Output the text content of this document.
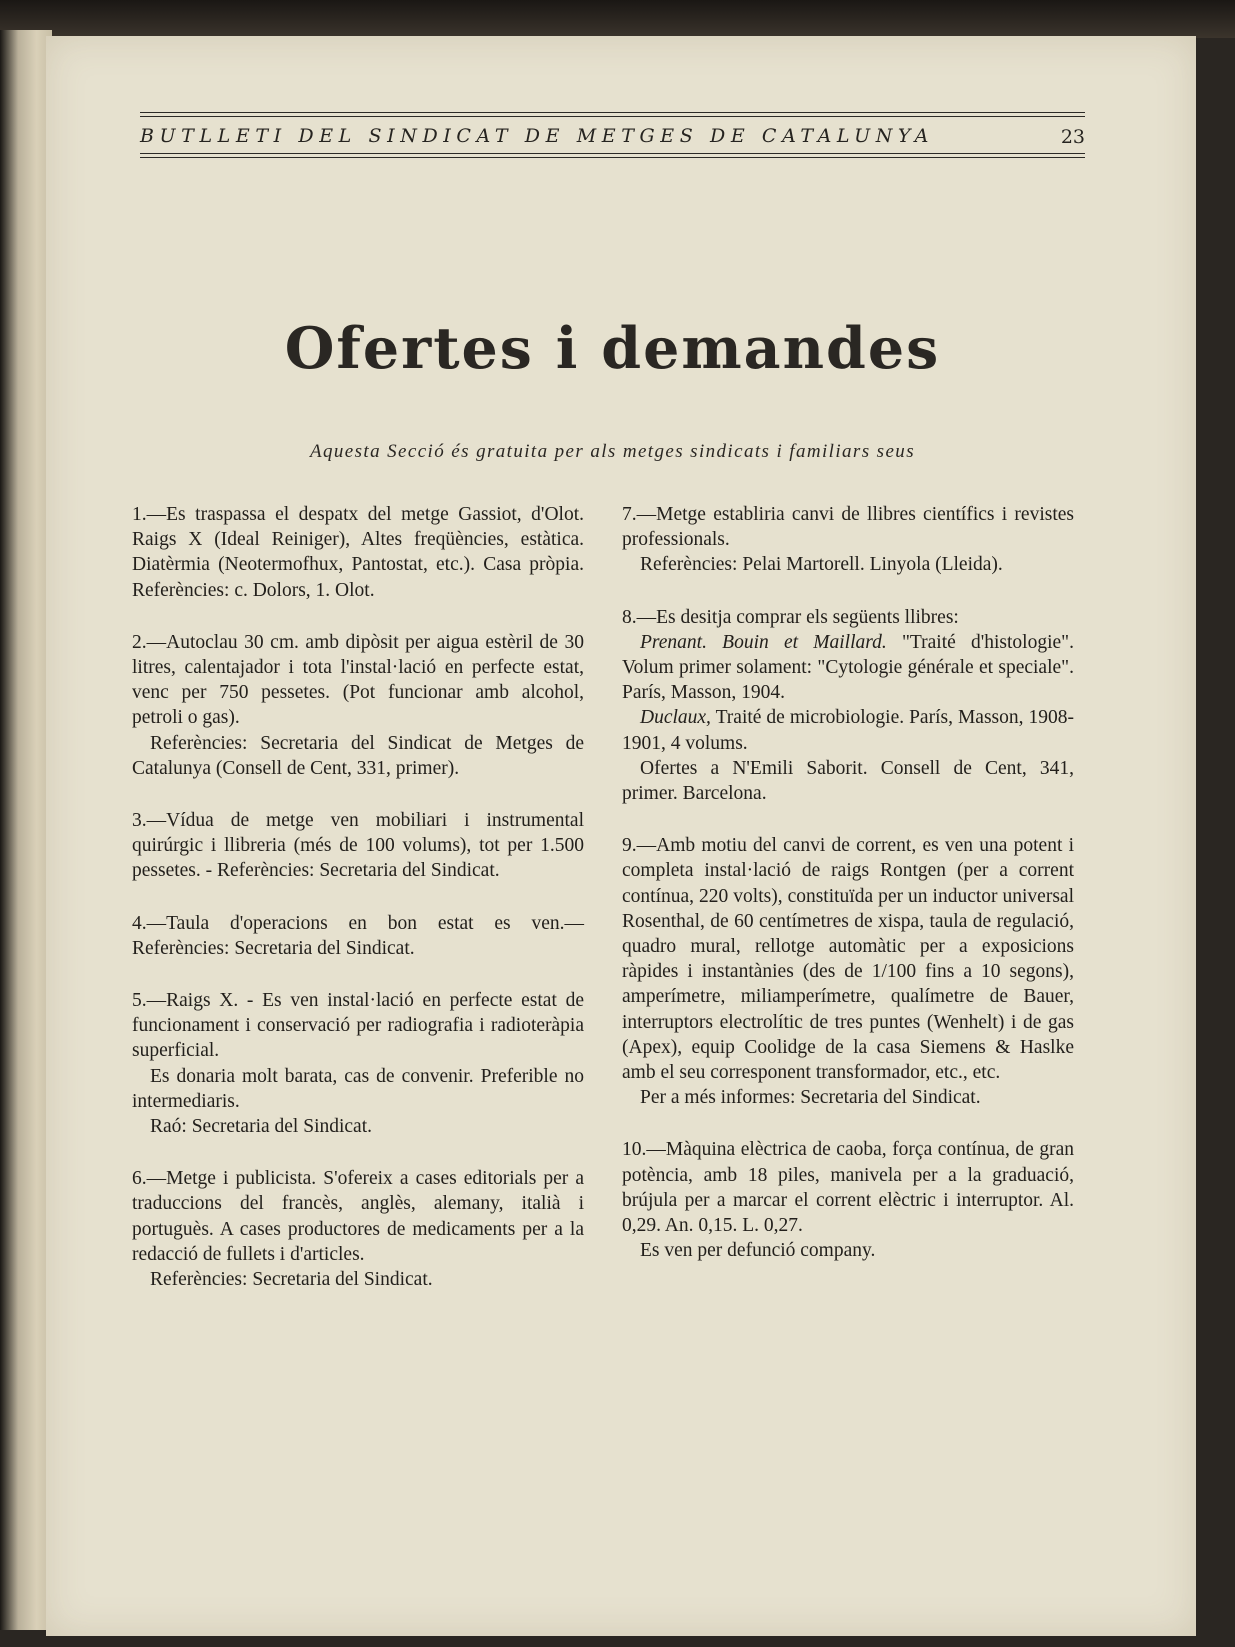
BUTLLETI DEL SINDICAT DE METGES DE CATALUNYA	23
Ofertes i demandes
Aquesta Secció és gratuita per als metges sindicats i familiars seus

1.—Es traspassa el despatx del metge Gassiot, d'Olot. Raigs X (Ideal Reiniger), Altes freqüències, estàtica. Diatèrmia (Neotermofhux, Pantostat, etc.). Casa pròpia. Referències: c. Dolors, 1. Olot.

2.—Autoclau 30 cm. amb dipòsit per aigua estèril de 30 litres, calentajador i tota l'instal·lació en perfecte estat, venc per 750 pessetes. (Pot funcionar amb alcohol, petroli o gas).

Referències: Secretaria del Sindicat de Metges de Catalunya (Consell de Cent, 331, primer).

3.—Vídua de metge ven mobiliari i instrumental quirúrgic i llibreria (més de 100 volums), tot per 1.500 pessetes. - Referències: Secretaria del Sindicat.

4.—Taula d'operacions en bon estat es ven.— Referències: Secretaria del Sindicat.

5.—Raigs X. - Es ven instal·lació en perfecte estat de funcionament i conservació per radiografia i radioteràpia superficial.

Es donaria molt barata, cas de convenir. Preferible no intermediaris.

Raó: Secretaria del Sindicat.

6.—Metge i publicista. S'ofereix a cases editorials per a traduccions del francès, anglès, alemany, italià i portuguès. A cases productores de medicaments per a la redacció de fullets i d'articles.

Referències: Secretaria del Sindicat.

7.—Metge establiria canvi de llibres científics i revistes professionals.

Referències: Pelai Martorell. Linyola (Lleida).

8.—Es desitja comprar els següents llibres:

Prenant. Bouin et Maillard. "Traité d'histologie". Volum primer solament: "Cytologie générale et speciale". París, Masson, 1904.

Duclaux, Traité de microbiologie. París, Masson, 1908-1901, 4 volums.

Ofertes a N'Emili Saborit. Consell de Cent, 341, primer. Barcelona.

9.—Amb motiu del canvi de corrent, es ven una potent i completa instal·lació de raigs Rontgen (per a corrent contínua, 220 volts), constituïda per un inductor universal Rosenthal, de 60 centímetres de xispa, taula de regulació, quadro mural, rellotge automàtic per a exposicions ràpides i instantànies (des de 1/100 fins a 10 segons), amperímetre, miliamperímetre, qualímetre de Bauer, interruptors electrolític de tres puntes (Wenhelt) i de gas (Apex), equip Coolidge de la casa Siemens & Haslke amb el seu corresponent transformador, etc., etc.

Per a més informes: Secretaria del Sindicat.

10.—Màquina elèctrica de caoba, força contínua, de gran potència, amb 18 piles, manivela per a la graduació, brújula per a marcar el corrent elèctric i interruptor. Al. 0,29. An. 0,15. L. 0,27.

Es ven per defunció company.
